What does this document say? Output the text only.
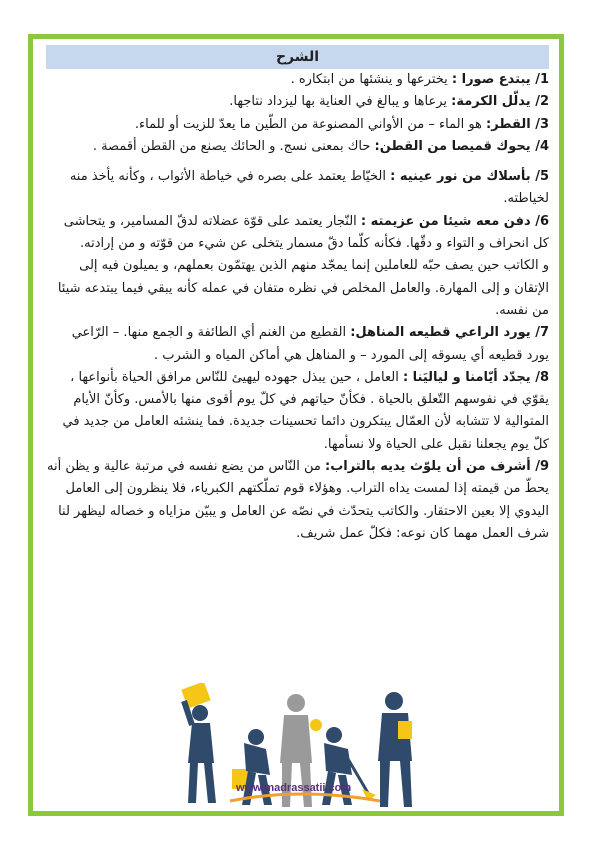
الشرح

1/ يبتدع صورا : يخترعها و ينشئها من ابتكاره .

2/ يدلّل الكرمة: يرعاها و يبالغ في العناية بها ليزداد نتاجها.

3/ القطر: هو الماء – من الأواني المصنوعة من الطّين ما يعدّ للزيت أو للماء.

4/ يحوك قميصا من القطن: حاك بمعنى نسج. و الحائك يصنع من القطن أقمصة .

5/ بأسلاك من نور عينيه : الخيّاط يعتمد على بصره في خياطة الأثواب ، وكأنه يأخذ منه لخياطته.

6/ دفن معه شيئا من عزيمته : النّجار يعتمد على قوّة عضلاته لدقّ المسامير، و يتحاشى كل انحراف و التواء و دقّها. فكأنه كلّما دقّ مسمار يتخلى عن شيء من قوّته و من إرادته.

و الكاتب حين يصف حبّه للعاملين إنما يمجّد منهم الذين يهتمّون بعملهم، و يميلون فيه إلى الإتقان و إلى المهارة. والعامل المخلص في نظره متفان في عمله كأنه يبقي فيما يبتدعه شيئا من نفسه.

7/ يورد الراعي قطيعه المناهل: القطيع من الغنم أي الطائفة و الجمع منها. – الرّاعي يورد قطيعه أي يسوقه إلى المورد – و المناهل هي أماكن المياه و الشرب .

8/ يجدّد أيّامنا و لياليَنا : العامل ، حين يبذل جهوده ليهيئ للنّاس مرافق الحياة بأنواعها ، يقوّي في نفوسهم التّعلق بالحياة . فكأنّ حياتهم في كلّ يوم أقوى منها بالأمس. وكأنّ الأيام المتوالية لا تتشابه لأن العمّال يبتكرون دائما تحسينات جديدة. فما ينشئه العامل من جديد في كلّ يوم يجعلنا نقبل على الحياة ولا نسأمها.

9/ أشرف من أن يلوّث يديه بالتراب: من النّاس من يضع نفسه في مرتبة عالية و يظن أنه يحطّ من قيمته إذا لمست يداه التراب. وهؤلاء قوم تملّكتهم الكبرياء، فلا ينظرون إلى العامل اليدوي إلا بعين الاحتقار. والكاتب يتحدّث في نصّه عن العامل و يبيّن مزاياه و خصاله ليظهر لنا شرف العمل مهما كان نوعه: فكلّ عمل شريف.

www.madrassatii.com
